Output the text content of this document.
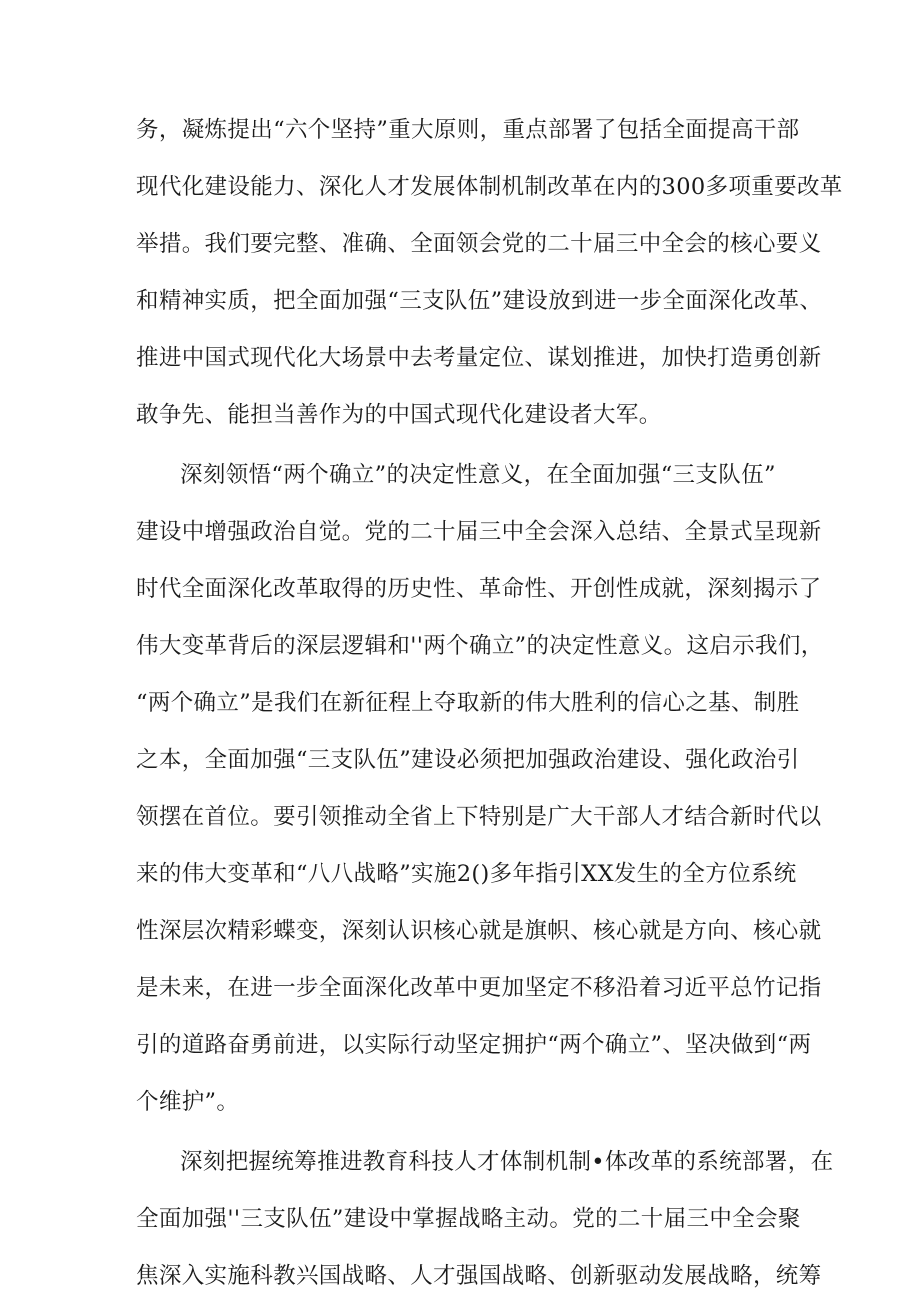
务，凝炼提出“六个坚持”重大原则，重点部署了包括全面提高干部
现代化建设能力、深化人才发展体制机制改革在内的300多项重要改革
举措。我们要完整、准确、全面领会党的二十届三中全会的核心要义
和精神实质，把全面加强“三支队伍”建设放到进一步全面深化改革、
推进中国式现代化大场景中去考量定位、谋划推进，加快打造勇创新
敢争先、能担当善作为的中国式现代化建设者大军。
深刻领悟“两个确立”的决定性意义，在全面加强“三支队伍”
建设中增强政治自觉。党的二十届三中全会深入总结、全景式呈现新
时代全面深化改革取得的历史性、革命性、开创性成就，深刻揭示了
伟大变革背后的深层逻辑和''两个确立”的决定性意义。这启示我们，
“两个确立”是我们在新征程上夺取新的伟大胜利的信心之基、制胜
之本，全面加强“三支队伍”建设必须把加强政治建设、强化政治引
领摆在首位。要引领推动全省上下特别是广大干部人才结合新时代以
来的伟大变革和“八八战略”实施2()多年指引XX发生的全方位系统
性深层次精彩蝶变，深刻认识核心就是旗帜、核心就是方向、核心就
是未来，在进一步全面深化改革中更加坚定不移沿着习近平总竹记指
引的道路奋勇前进，以实际行动坚定拥护“两个确立”、坚决做到“两
个维护”。
深刻把握统筹推进教育科技人才体制机制•体改革的系统部署，在
全面加强''三支队伍”建设中掌握战略主动。党的二十届三中全会聚
焦深入实施科教兴国战略、人才强国战略、创新驱动发展战略，统筹
